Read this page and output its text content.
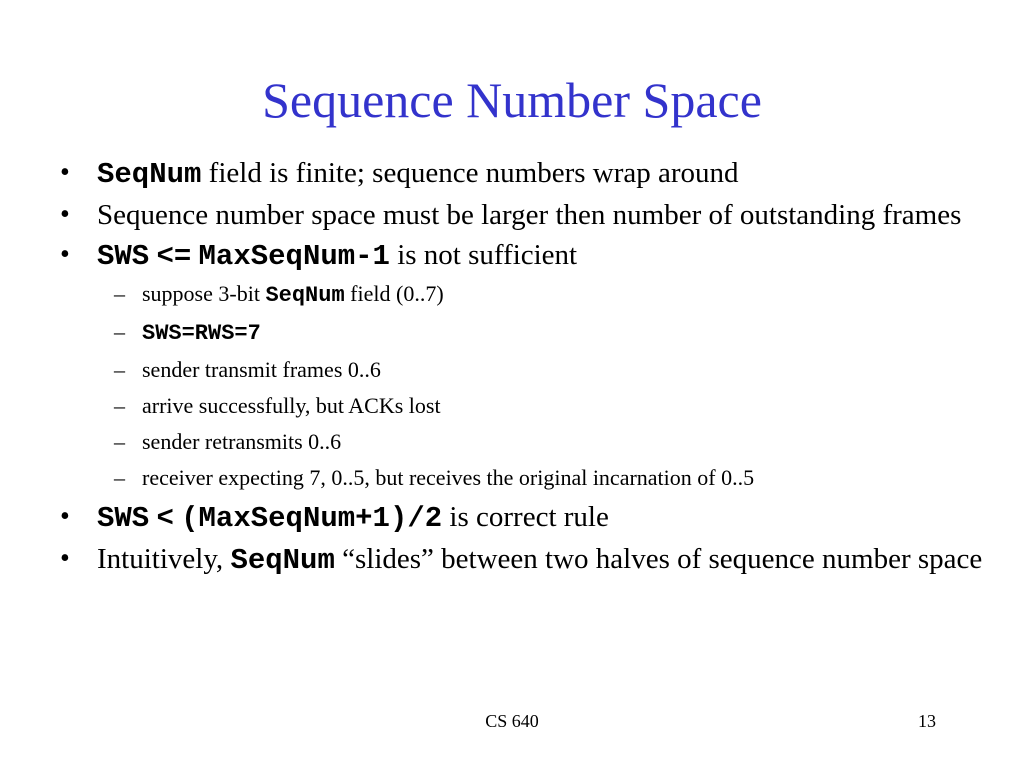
Sequence Number Space
• SeqNum field is finite; sequence numbers wrap around
• Sequence number space must be larger then number of outstanding frames
• SWS <= MaxSeqNum-1 is not sufficient
– suppose 3-bit SeqNum field (0..7)
– SWS=RWS=7
– sender transmit frames 0..6
– arrive successfully, but ACKs lost
– sender retransmits 0..6
– receiver expecting 7, 0..5, but receives the original incarnation of 0..5
• SWS < (MaxSeqNum+1)/2 is correct rule
• Intuitively, SeqNum “slides” between two halves of sequence number space
CS 640	13
